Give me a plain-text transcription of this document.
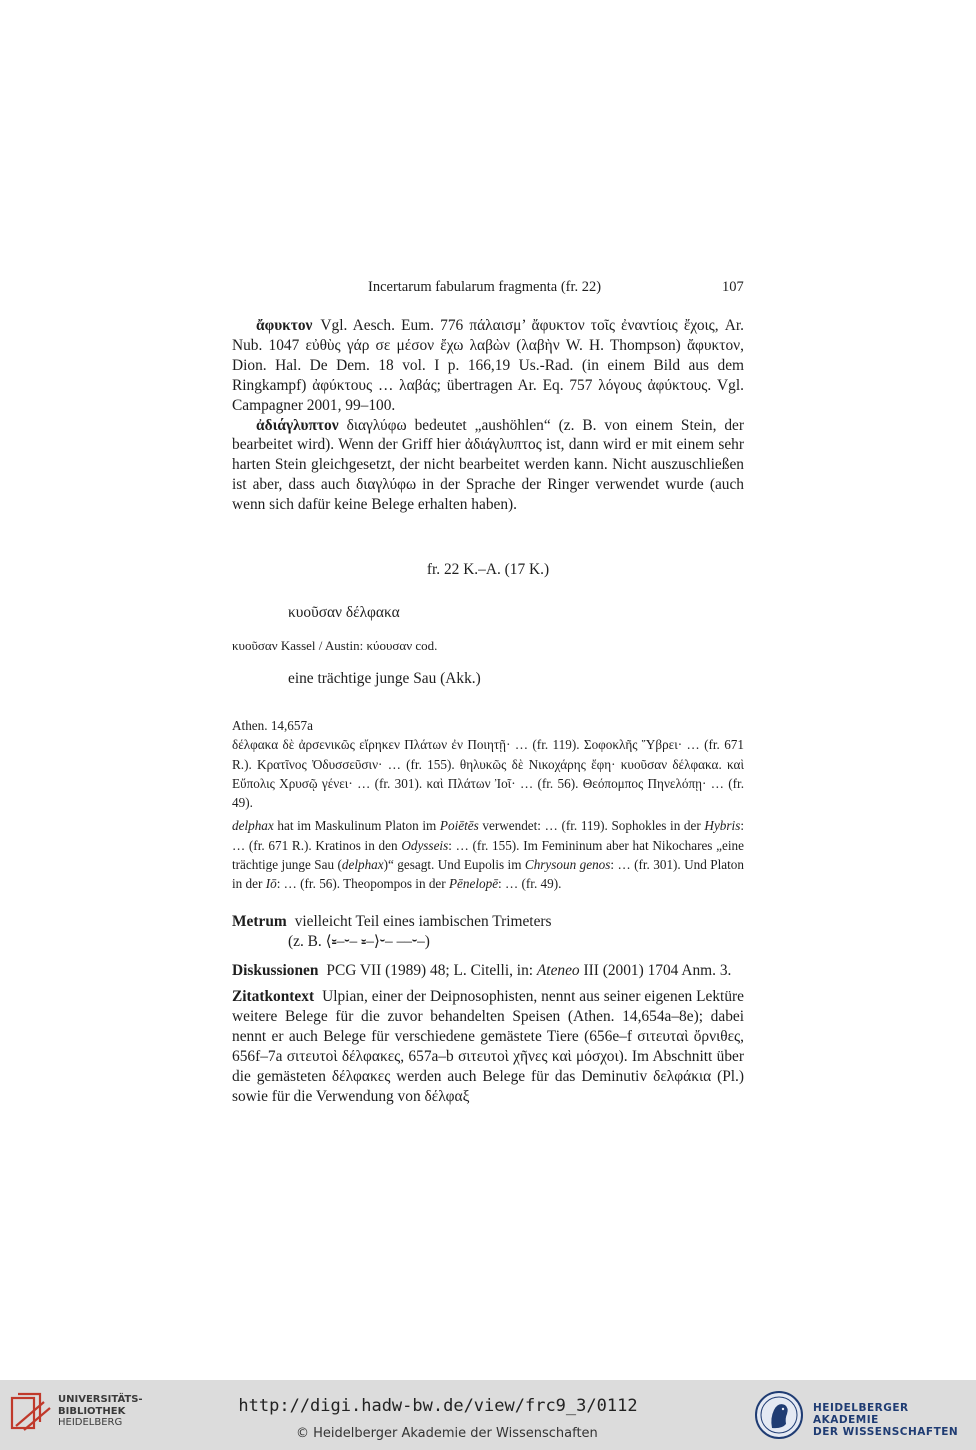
Incertarum fabularum fragmenta (fr. 22)	107

ἄφυκτον Vgl. Aesch. Eum. 776 πάλαισμ’ ἄφυκτον τοῖς ἐναντίοις ἔχοις, Ar. Nub. 1047 εὐθὺς γάρ σε μέσον ἔχω λαβὼν (λαβὴν W. H. Thompson) ἄφυκτον, Dion. Hal. De Dem. 18 vol. I p. 166,19 Us.-Rad. (in einem Bild aus dem Ringkampf) ἀφύκτους … λαβάς; übertragen Ar. Eq. 757 λόγους ἀφύκτους. Vgl. Campagner 2001, 99–100.

ἀδιάγλυπτον διαγλύφω bedeutet „aushöhlen“ (z. B. von einem Stein, der bearbeitet wird). Wenn der Griff hier ἀδιάγλυπτος ist, dann wird er mit einem sehr harten Stein gleichgesetzt, der nicht bearbeitet werden kann. Nicht auszuschließen ist aber, dass auch διαγλύφω in der Sprache der Ringer verwendet wurde (auch wenn sich dafür keine Belege erhalten haben).

fr. 22 K.–A. (17 K.)
κυοῦσαν δέλφακα
κυοῦσαν Kassel / Austin: κύουσαν cod.
eine trächtige junge Sau (Akk.)

Athen. 14,657a

δέλφακα δὲ ἀρσενικῶς εἴρηκεν Πλάτων ἐν Ποιητῇ· … (fr. 119). Σοφοκλῆς Ὕβρει· … (fr. 671 R.). Κρατῖνος Ὀδυσσεῦσιν· … (fr. 155). θηλυκῶς δὲ Νικοχάρης ἔφη· κυοῦσαν δέλφακα. καὶ Εὔπολις Χρυσῷ γένει· … (fr. 301). καὶ Πλάτων Ἰοῖ· … (fr. 56). Θεόπομπος Πηνελόπῃ· … (fr. 49).

delphax hat im Maskulinum Platon im Poiētēs verwendet: … (fr. 119). Sophokles in der Hybris: … (fr. 671 R.). Kratinos in den Odysseis: … (fr. 155). Im Femininum aber hat Nikochares „eine trächtige junge Sau (delphax)“ gesagt. Und Eupolis im Chrysoun genos: … (fr. 301). Und Platon in der Iō: … (fr. 56). Theopompos in der Pēnelopē: … (fr. 49).

Metrum vielleicht Teil eines iambischen Trimeters
(z. B. ⟨⏓–⏑– ⏓–⟩⏑– ––⏑–)
Diskussionen PCG VII (1989) 48; L. Citelli, in: Ateneo III (2001) 1704 Anm. 3.
Zitatkontext Ulpian, einer der Deipnosophisten, nennt aus seiner eigenen Lektüre weitere Belege für die zuvor behandelten Speisen (Athen. 14,654a–8e); dabei nennt er auch Belege für verschiedene gemästete Tiere (656e–f σιτευταὶ ὄρνιθες, 656f–7a σιτευτοὶ δέλφακες, 657a–b σιτευτοὶ χῆνες καὶ μόσχοι). Im Abschnitt über die gemästeten δέλφακες werden auch Belege für das Deminutiv δελφάκια (Pl.) sowie für die Verwendung von δέλφαξ
UNIVERSITÄTS-
BIBLIOTHEK
HEIDELBERG
http://digi.hadw-bw.de/view/frc9_3/0112
© Heidelberger Akademie der Wissenschaften
HEIDELBERGER AKADEMIE
DER WISSENSCHAFTEN
